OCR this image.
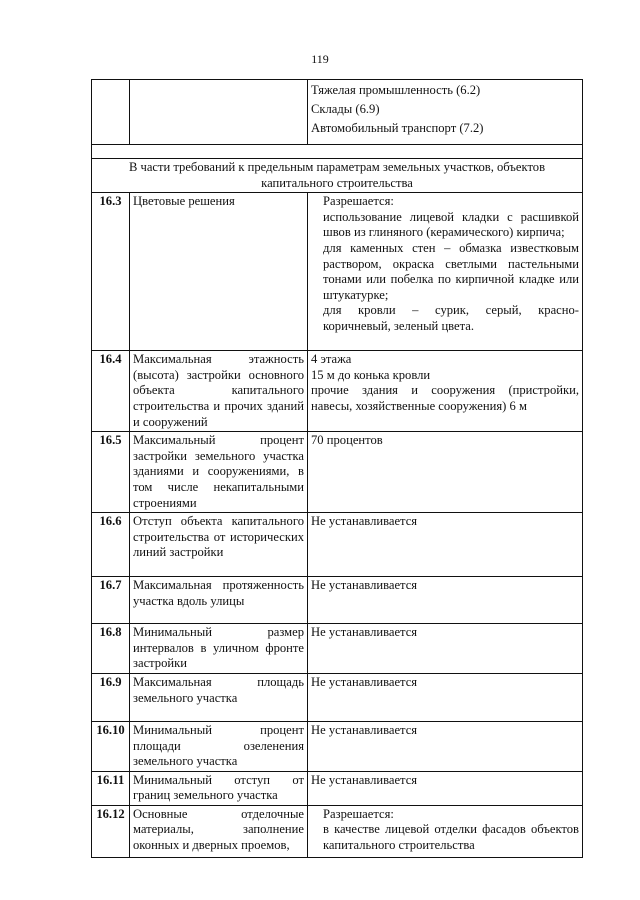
119

		Тяжелая промышленность (6.2)
Склады (6.9)
Автомобильный транспорт (7.2)

В части требований к предельным параметрам земельных участков, объектов капитального строительства		
16.3	Цветовые решения	Разрешается:
использование лицевой кладки с расшивкой швов из глиняного (керамического) кирпича;
для каменных стен – обмазка известковым раствором, окраска светлыми пастельными тонами или побелка по кирпичной кладке или штукатурке;
для кровли – сурик, серый, красно-коричневый, зеленый цвета.

16.4	Максимальная этажность (высота) застройки основного объекта капитального строительства и прочих зданий и сооружений	4 этажа
15 м до конька кровли
прочие здания и сооружения (пристройки, навесы, хозяйственные сооружения) 6 м

16.5	Максимальный процент застройки земельного участка зданиями и сооружениями, в том числе некапитальными строениями	70 процентов

16.6	Отступ объекта капитального строительства от исторических линий застройки	Не устанавливается

16.7	Максимальная протяженность участка вдоль улицы	Не устанавливается

16.8	Минимальный размер интервалов в уличном фронте застройки	Не устанавливается

16.9	Максимальная площадь земельного участка	Не устанавливается

16.10	Минимальный процент площади озеленения земельного участка	Не устанавливается

16.11	Минимальный отступ от границ земельного участка	Не устанавливается

16.12	Основные отделочные материалы, заполнение оконных и дверных проемов,	Разрешается:
в качестве лицевой отделки фасадов объектов капитального строительства
